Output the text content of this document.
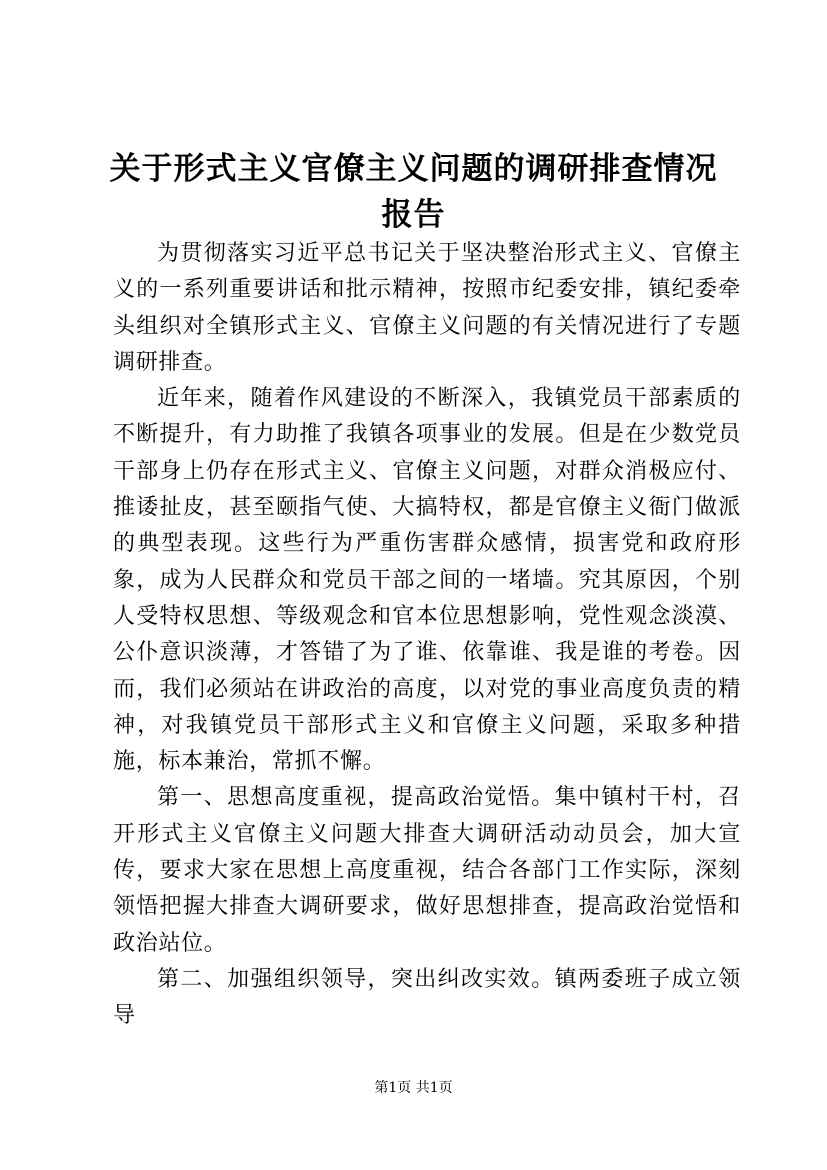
关于形式主义官僚主义问题的调研排查情况报告

为贯彻落实习近平总书记关于坚决整治形式主义、官僚主义的一系列重要讲话和批示精神，按照市纪委安排，镇纪委牵头组织对全镇形式主义、官僚主义问题的有关情况进行了专题调研排查。

近年来，随着作风建设的不断深入，我镇党员干部素质的不断提升，有力助推了我镇各项事业的发展。但是在少数党员干部身上仍存在形式主义、官僚主义问题，对群众消极应付、推诿扯皮，甚至颐指气使、大搞特权，都是官僚主义衙门做派的典型表现。这些行为严重伤害群众感情，损害党和政府形象，成为人民群众和党员干部之间的一堵墙。究其原因，个别人受特权思想、等级观念和官本位思想影响，党性观念淡漠、公仆意识淡薄，才答错了为了谁、依靠谁、我是谁的考卷。因而，我们必须站在讲政治的高度，以对党的事业高度负责的精神，对我镇党员干部形式主义和官僚主义问题，采取多种措施，标本兼治，常抓不懈。

第一、思想高度重视，提高政治觉悟。集中镇村干村，召开形式主义官僚主义问题大排查大调研活动动员会，加大宣传，要求大家在思想上高度重视，结合各部门工作实际，深刻领悟把握大排查大调研要求，做好思想排查，提高政治觉悟和政治站位。

第二、加强组织领导，突出纠改实效。镇两委班子成立领导

第1页 共1页
